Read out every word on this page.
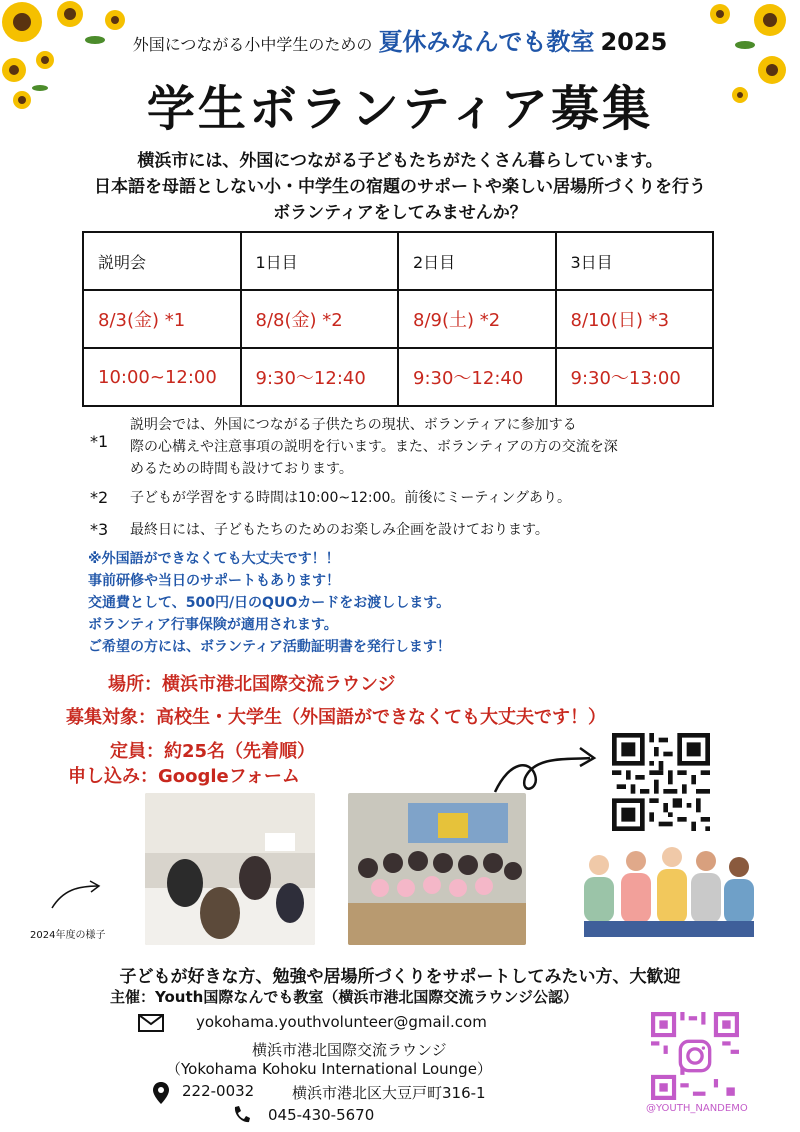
外国につながる小中学生のための 夏休みなんでも教室 2025
学生ボランティア募集
横浜市には、外国につながる子どもたちがたくさん暮らしています。
日本語を母語としない小・中学生の宿題のサポートや楽しい居場所づくりを行う
ボランティアをしてみませんか？
説明会	1日目	2日目	3日目
8/3(金) *1	8/8(金) *2	8/9(土) *2	8/10(日) *3
10:00~12:00	9:30〜12:40	9:30〜12:40	9:30〜13:00
*1
説明会では、外国につながる子供たちの現状、ボランティアに参加する
際の心構えや注意事項の説明を行います。また、ボランティアの方の交流を深
めるための時間も設けております。
*2 子どもが学習をする時間は10:00~12:00。前後にミーティングあり。
*3 最終日には、子どもたちのためのお楽しみ企画を設けております。
※外国語ができなくても大丈夫です！！
事前研修や当日のサポートもあります！
交通費として、500円/日のQUOカードをお渡しします。
ボランティア行事保険が適用されます。
ご希望の方には、ボランティア活動証明書を発行します！
場所：横浜市港北国際交流ラウンジ
募集対象：高校生・大学生（外国語ができなくても大丈夫です！）
定員：約25名（先着順）
申し込み：Googleフォーム
2024年度の様子
子どもが好きな方、勉強や居場所づくりをサポートしてみたい方、大歓迎
主催：Youth国際なんでも教室（横浜市港北国際交流ラウンジ公認）
yokohama.youthvolunteer@gmail.com
横浜市港北国際交流ラウンジ
（Yokohama Kohoku International Lounge）
222-0032	横浜市港北区大豆戸町316-1
045-430-5670	@YOUTH_NANDEMO
